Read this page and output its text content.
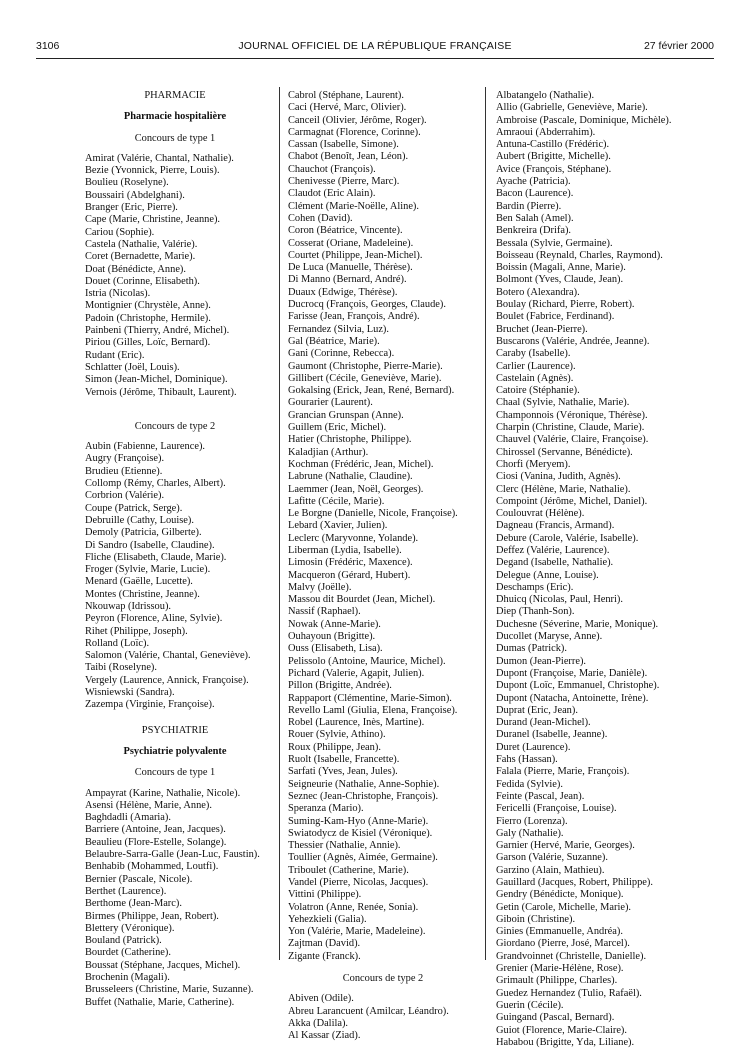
3106	JOURNAL OFFICIEL DE LA RÉPUBLIQUE FRANÇAISE	27 février 2000
PHARMACIE
Pharmacie hospitalière
Concours de type 1
Amirat (Valérie, Chantal, Nathalie).
Bezie (Yvonnick, Pierre, Louis).
Boulieu (Roselyne).
Boussairi (Abdelghani).
Branger (Eric, Pierre).
Cape (Marie, Christine, Jeanne).
Cariou (Sophie).
Castela (Nathalie, Valérie).
Coret (Bernadette, Marie).
Doat (Bénédicte, Anne).
Douet (Corinne, Elisabeth).
Istria (Nicolas).
Montignier (Chrystèle, Anne).
Padoin (Christophe, Hermile).
Painbeni (Thierry, André, Michel).
Piriou (Gilles, Loïc, Bernard).
Rudant (Eric).
Schlatter (Joël, Louis).
Simon (Jean-Michel, Dominique).
Vernois (Jérôme, Thibault, Laurent).
Concours de type 2
Aubin (Fabienne, Laurence).
Augry (Françoise).
Brudieu (Etienne).
Collomp (Rémy, Charles, Albert).
Corbrion (Valérie).
Coupe (Patrick, Serge).
Debruille (Cathy, Louise).
Demoly (Patricia, Gilberte).
Di Sandro (Isabelle, Claudine).
Fliche (Elisabeth, Claude, Marie).
Froger (Sylvie, Marie, Lucie).
Menard (Gaëlle, Lucette).
Montes (Christine, Jeanne).
Nkouwap (Idrissou).
Peyron (Florence, Aline, Sylvie).
Rihet (Philippe, Joseph).
Rolland (Loïc).
Salomon (Valérie, Chantal, Geneviève).
Taibi (Roselyne).
Vergely (Laurence, Annick, Françoise).
Wisniewski (Sandra).
Zazempa (Virginie, Françoise).
PSYCHIATRIE
Psychiatrie polyvalente
Concours de type 1
Ampayrat (Karine, Nathalie, Nicole).
Asensi (Hélène, Marie, Anne).
Baghdadli (Amaria).
Barriere (Antoine, Jean, Jacques).
Beaulieu (Flore-Estelle, Solange).
Belaubre-Sarra-Galle (Jean-Luc, Faustin).
Benhabib (Mohammed, Loutfi).
Bernier (Pascale, Nicole).
Berthet (Laurence).
Berthome (Jean-Marc).
Birmes (Philippe, Jean, Robert).
Blettery (Véronique).
Bouland (Patrick).
Bourdet (Catherine).
Boussat (Stéphane, Jacques, Michel).
Brochenin (Magali).
Brusseleers (Christine, Marie, Suzanne).
Buffet (Nathalie, Marie, Catherine).
Cabrol (Stéphane, Laurent).
Caci (Hervé, Marc, Olivier).
Canceil (Olivier, Jérôme, Roger).
Carmagnat (Florence, Corinne).
Cassan (Isabelle, Simone).
Chabot (Benoît, Jean, Léon).
Chauchot (François).
Chenivesse (Pierre, Marc).
Claudot (Eric Alain).
Clément (Marie-Noëlle, Aline).
Cohen (David).
Coron (Béatrice, Vincente).
Cosserat (Oriane, Madeleine).
Courtet (Philippe, Jean-Michel).
De Luca (Manuelle, Thérèse).
Di Manno (Bernard, André).
Duaux (Edwige, Thérèse).
Ducrocq (François, Georges, Claude).
Farisse (Jean, François, André).
Fernandez (Silvia, Luz).
Gal (Béatrice, Marie).
Gani (Corinne, Rebecca).
Gaumont (Christophe, Pierre-Marie).
Gillibert (Cécile, Geneviève, Marie).
Gokalsing (Erick, Jean, René, Bernard).
Gourarier (Laurent).
Grancian Grunspan (Anne).
Guillem (Eric, Michel).
Hatier (Christophe, Philippe).
Kaladjian (Arthur).
Kochman (Frédéric, Jean, Michel).
Labrune (Nathalie, Claudine).
Laemmer (Jean, Noël, Georges).
Lafitte (Cécile, Marie).
Le Borgne (Danielle, Nicole, Françoise).
Lebard (Xavier, Julien).
Leclerc (Maryvonne, Yolande).
Liberman (Lydia, Isabelle).
Limosin (Frédéric, Maxence).
Macqueron (Gérard, Hubert).
Malvy (Joëlle).
Massou dit Bourdet (Jean, Michel).
Nassif (Raphael).
Nowak (Anne-Marie).
Ouhayoun (Brigitte).
Ouss (Elisabeth, Lisa).
Pelissolo (Antoine, Maurice, Michel).
Pichard (Valerie, Agapit, Julien).
Pillon (Brigitte, Andrée).
Rappaport (Clémentine, Marie-Simon).
Revello Laml (Giulia, Elena, Françoise).
Robel (Laurence, Inès, Martine).
Rouer (Sylvie, Athino).
Roux (Philippe, Jean).
Ruolt (Isabelle, Francette).
Sarfati (Yves, Jean, Jules).
Seigneurie (Nathalie, Anne-Sophie).
Seznec (Jean-Christophe, François).
Speranza (Mario).
Suming-Kam-Hyo (Anne-Marie).
Swiatodycz de Kisiel (Véronique).
Thessier (Nathalie, Annie).
Toullier (Agnès, Aimée, Germaine).
Triboulet (Catherine, Marie).
Vandel (Pierre, Nicolas, Jacques).
Vittini (Philippe).
Volatron (Anne, Renée, Sonia).
Yehezkieli (Galia).
Yon (Valérie, Marie, Madeleine).
Zajtman (David).
Zigante (Franck).
Concours de type 2
Abiven (Odile).
Abreu Larancuent (Amilcar, Léandro).
Akka (Dalila).
Al Kassar (Ziad).
Albatangelo (Nathalie).
Allio (Gabrielle, Geneviève, Marie).
Ambroise (Pascale, Dominique, Michèle).
Amraoui (Abderrahim).
Antuna-Castillo (Frédéric).
Aubert (Brigitte, Michelle).
Avice (François, Stéphane).
Ayache (Patricia).
Bacon (Laurence).
Bardin (Pierre).
Ben Salah (Amel).
Benkreira (Drifa).
Bessala (Sylvie, Germaine).
Boisseau (Reynald, Charles, Raymond).
Boissin (Magali, Anne, Marie).
Bolmont (Yves, Claude, Jean).
Botero (Alexandra).
Boulay (Richard, Pierre, Robert).
Boulet (Fabrice, Ferdinand).
Bruchet (Jean-Pierre).
Buscarons (Valérie, Andrée, Jeanne).
Caraby (Isabelle).
Carlier (Laurence).
Castelain (Agnès).
Catoire (Stéphanie).
Chaal (Sylvie, Nathalie, Marie).
Champonnois (Véronique, Thérèse).
Charpin (Christine, Claude, Marie).
Chauvel (Valérie, Claire, Françoise).
Chirossel (Servanne, Bénédicte).
Chorfi (Meryem).
Ciosi (Vanina, Judith, Agnès).
Clerc (Hélène, Marie, Nathalie).
Compoint (Jérôme, Michel, Daniel).
Coulouvrat (Hélène).
Dagneau (Francis, Armand).
Debure (Carole, Valérie, Isabelle).
Deffez (Valérie, Laurence).
Degand (Isabelle, Nathalie).
Delegue (Anne, Louise).
Deschamps (Eric).
Dhuicq (Nicolas, Paul, Henri).
Diep (Thanh-Son).
Duchesne (Séverine, Marie, Monique).
Ducollet (Maryse, Anne).
Dumas (Patrick).
Dumon (Jean-Pierre).
Dupont (Françoise, Marie, Danièle).
Dupont (Loïc, Emmanuel, Christophe).
Dupont (Natacha, Antoinette, Irène).
Duprat (Eric, Jean).
Durand (Jean-Michel).
Duranel (Isabelle, Jeanne).
Duret (Laurence).
Fahs (Hassan).
Falala (Pierre, Marie, François).
Fedida (Sylvie).
Feinte (Pascal, Jean).
Fericelli (Françoise, Louise).
Fierro (Lorenza).
Galy (Nathalie).
Garnier (Hervé, Marie, Georges).
Garson (Valérie, Suzanne).
Garzino (Alain, Mathieu).
Gauillard (Jacques, Robert, Philippe).
Gendry (Bénédicte, Monique).
Getin (Carole, Michelle, Marie).
Giboin (Christine).
Ginies (Emmanuelle, Andréa).
Giordano (Pierre, José, Marcel).
Grandvoinnet (Christelle, Danielle).
Grenier (Marie-Hélène, Rose).
Grimault (Philippe, Charles).
Guedez Hernandez (Tulio, Rafaël).
Guerin (Cécile).
Guingand (Pascal, Bernard).
Guiot (Florence, Marie-Claire).
Hababou (Brigitte, Yda, Liliane).
